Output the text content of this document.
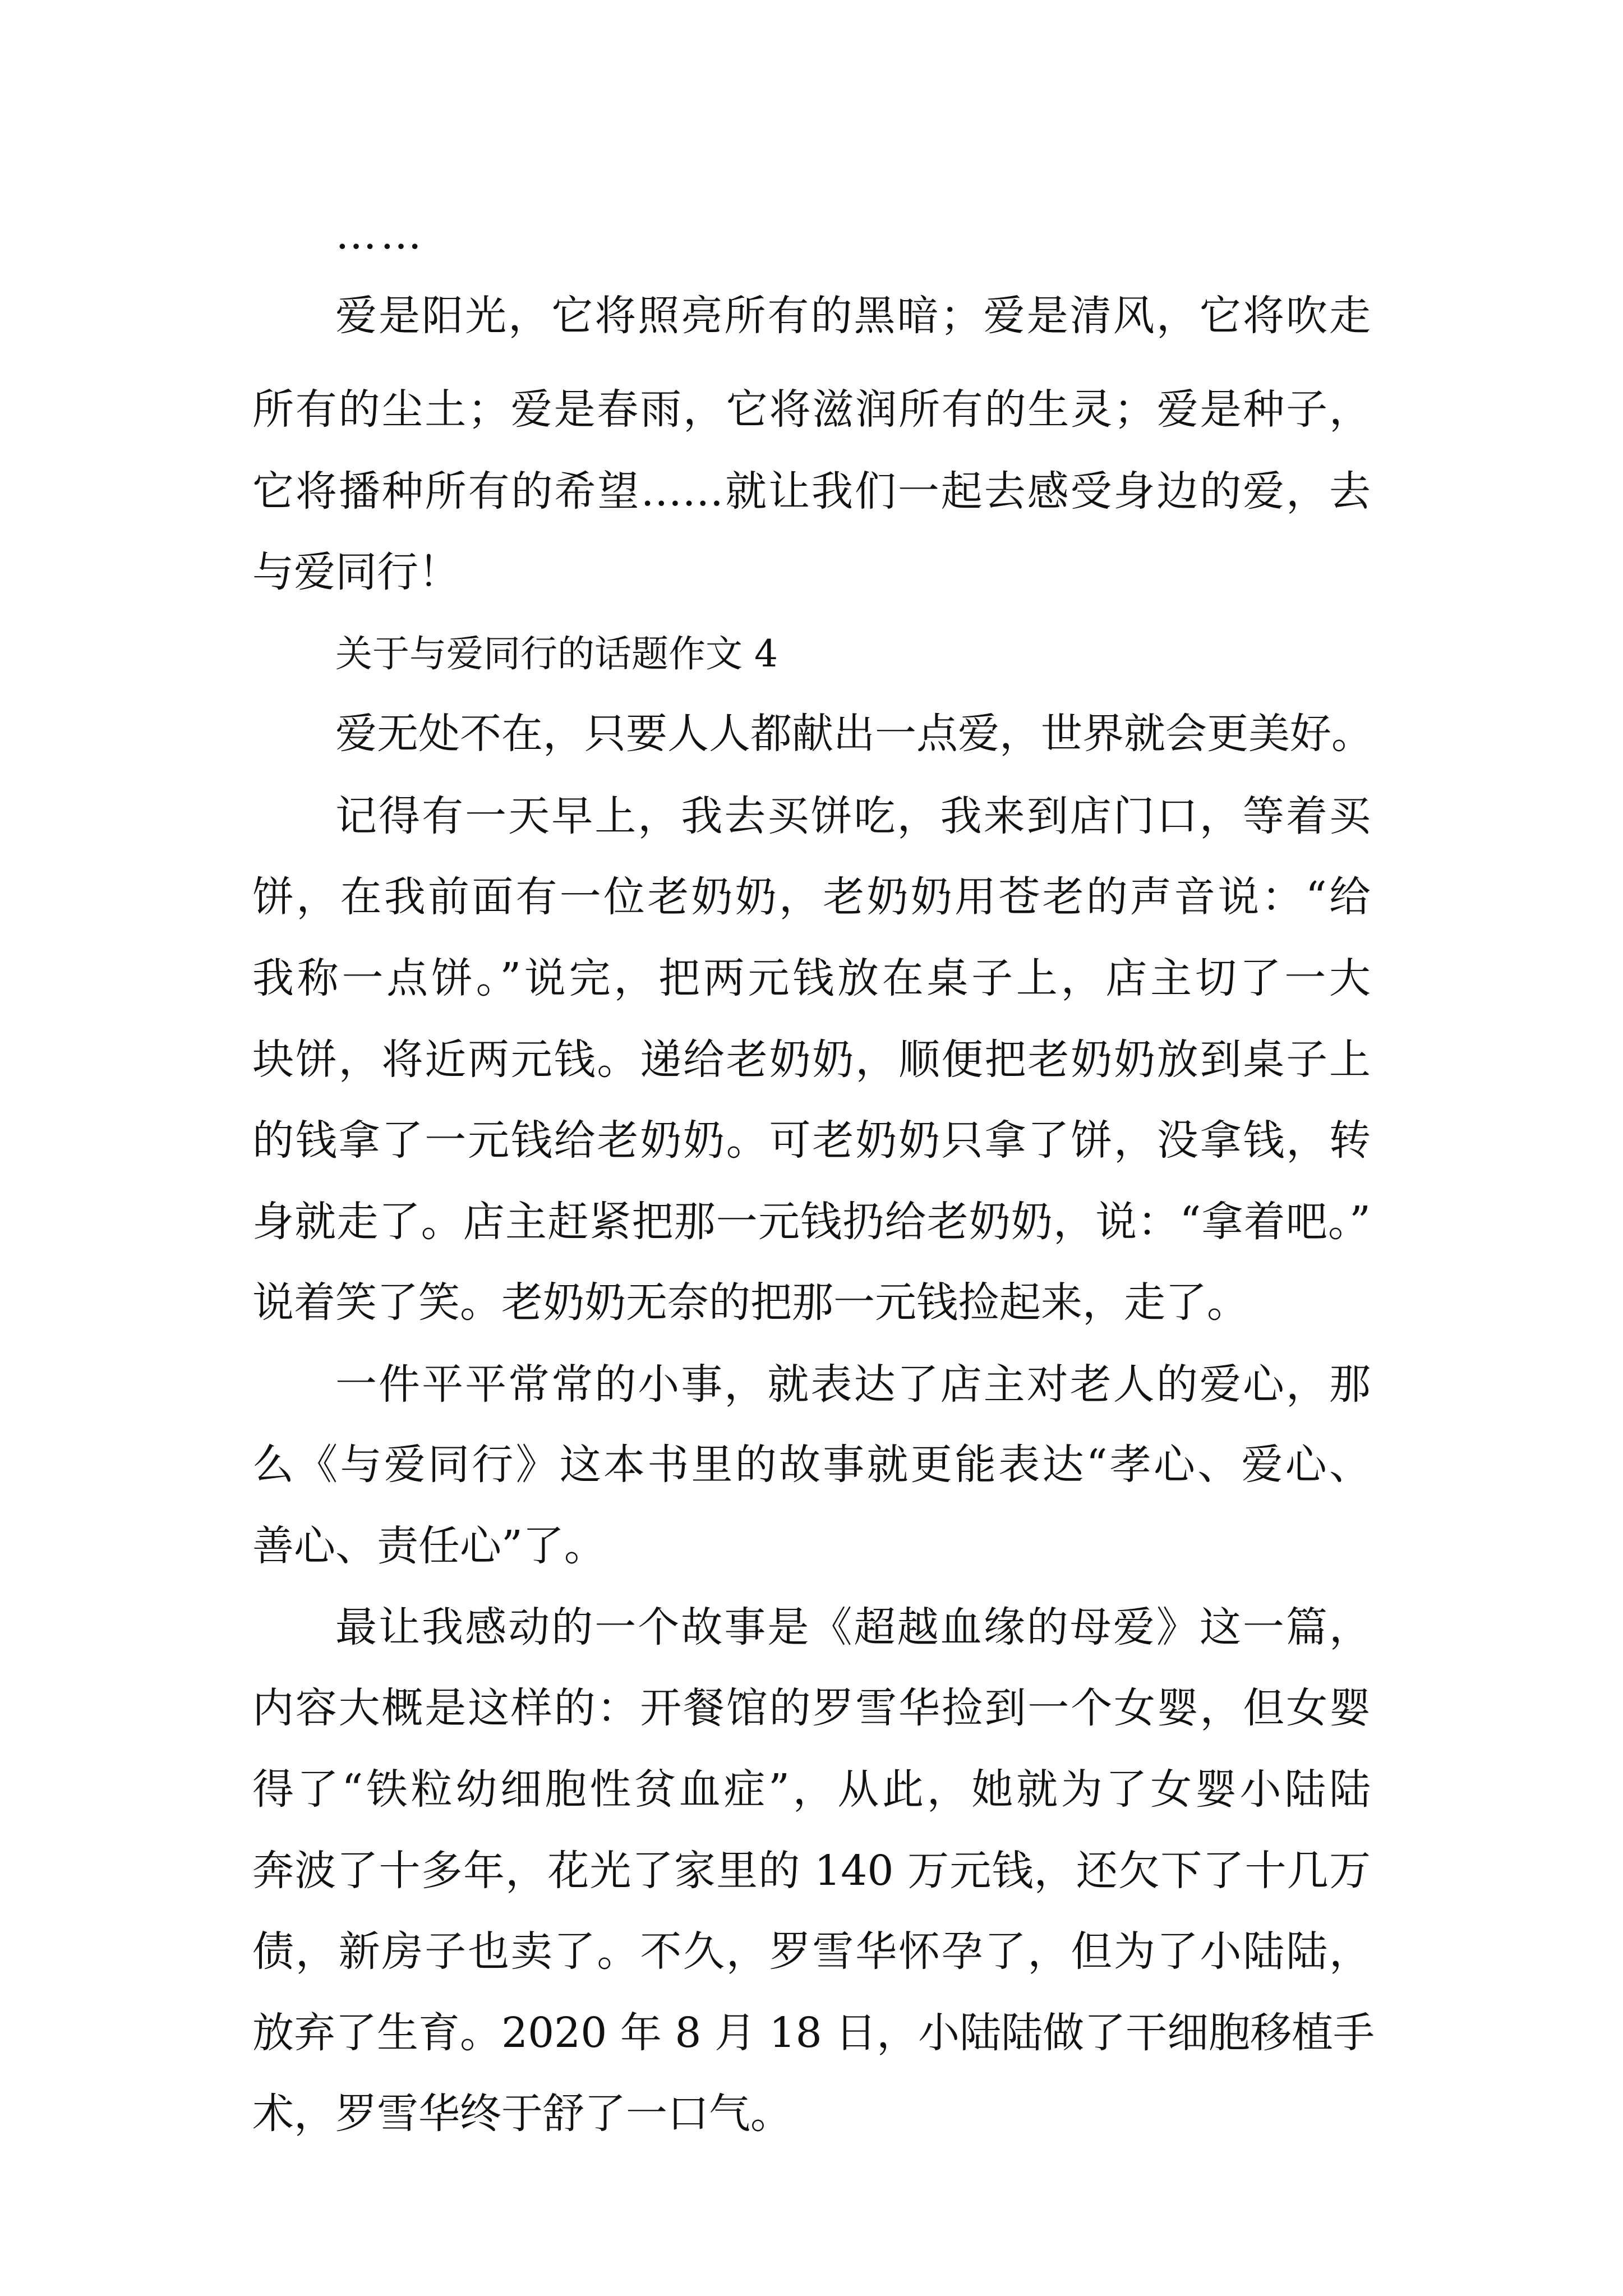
……

爱是阳光，它将照亮所有的黑暗；爱是清风，它将吹走

所有的尘土；爱是春雨，它将滋润所有的生灵；爱是种子，

它将播种所有的希望……就让我们一起去感受身边的爱，去

与爱同行！

关于与爱同行的话题作文 4

爱无处不在，只要人人都献出一点爱，世界就会更美好。

记得有一天早上，我去买饼吃，我来到店门口，等着买

饼，在我前面有一位老奶奶，老奶奶用苍老的声音说：“给

我称一点饼。”说完，把两元钱放在桌子上，店主切了一大

块饼，将近两元钱。递给老奶奶，顺便把老奶奶放到桌子上

的钱拿了一元钱给老奶奶。可老奶奶只拿了饼，没拿钱，转

身就走了。店主赶紧把那一元钱扔给老奶奶，说：“拿着吧。”

说着笑了笑。老奶奶无奈的把那一元钱捡起来，走了。

一件平平常常的小事，就表达了店主对老人的爱心，那

么《与爱同行》这本书里的故事就更能表达“孝心、爱心、

善心、责任心”了。

最让我感动的一个故事是《超越血缘的母爱》这一篇，

内容大概是这样的：开餐馆的罗雪华捡到一个女婴，但女婴

得了“铁粒幼细胞性贫血症”，从此，她就为了女婴小陆陆

奔波了十多年，花光了家里的 140 万元钱，还欠下了十几万

债，新房子也卖了。不久，罗雪华怀孕了，但为了小陆陆，

放弃了生育。2020 年 8 月 18 日，小陆陆做了干细胞移植手

术，罗雪华终于舒了一口气。
